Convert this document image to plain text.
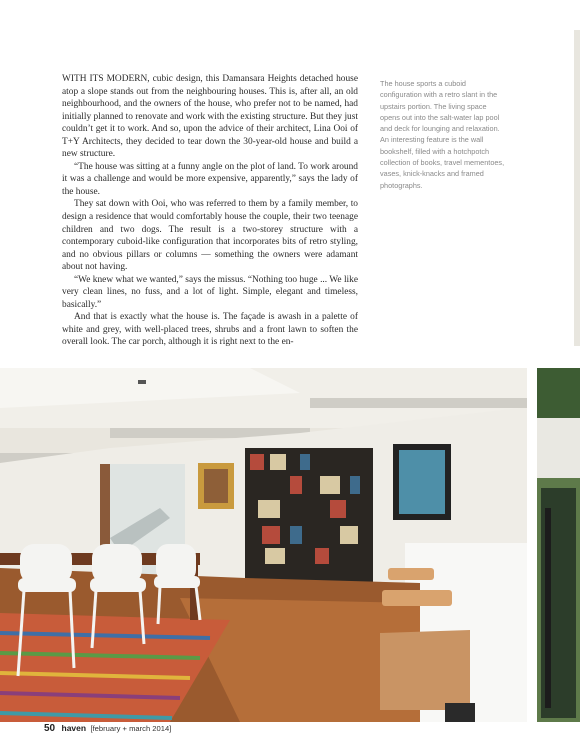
WITH ITS MODERN, cubic design, this Damansara Heights detached house atop a slope stands out from the neighbouring houses. This is, after all, an old neighbourhood, and the owners of the house, who prefer not to be named, had initially planned to renovate and work with the existing structure. But they just couldn’t get it to work. And so, upon the advice of their architect, Lina Ooi of T+Y Architects, they decided to tear down the 30-year-old house and build a new structure.

“The house was sitting at a funny angle on the plot of land. To work around it was a challenge and would be more expensive, apparently,” says the lady of the house.

They sat down with Ooi, who was referred to them by a family member, to design a residence that would comfortably house the couple, their two teenage children and two dogs. The result is a two-storey structure with a contemporary cuboid-like configuration that incorporates bits of retro styling, and no obvious pillars or columns — something the owners were adamant about not having.

“We knew what we wanted,” says the missus. “Nothing too huge ... We like very clean lines, no fuss, and a lot of light. Simple, elegant and timeless, basically.”

And that is exactly what the house is. The façade is awash in a palette of white and grey, with well-placed trees, shrubs and a front lawn to soften the overall look. The car porch, although it is right next to the en-

The house sports a cuboid configuration with a retro slant in the upstairs portion. The living space opens out into the salt-water lap pool and deck for lounging and relaxation. An interesting feature is the wall bookshelf, filled with a hotchpotch collection of books, travel mementoes, vases, knick-knacks and framed photographs.
50 haven [february + march 2014]
